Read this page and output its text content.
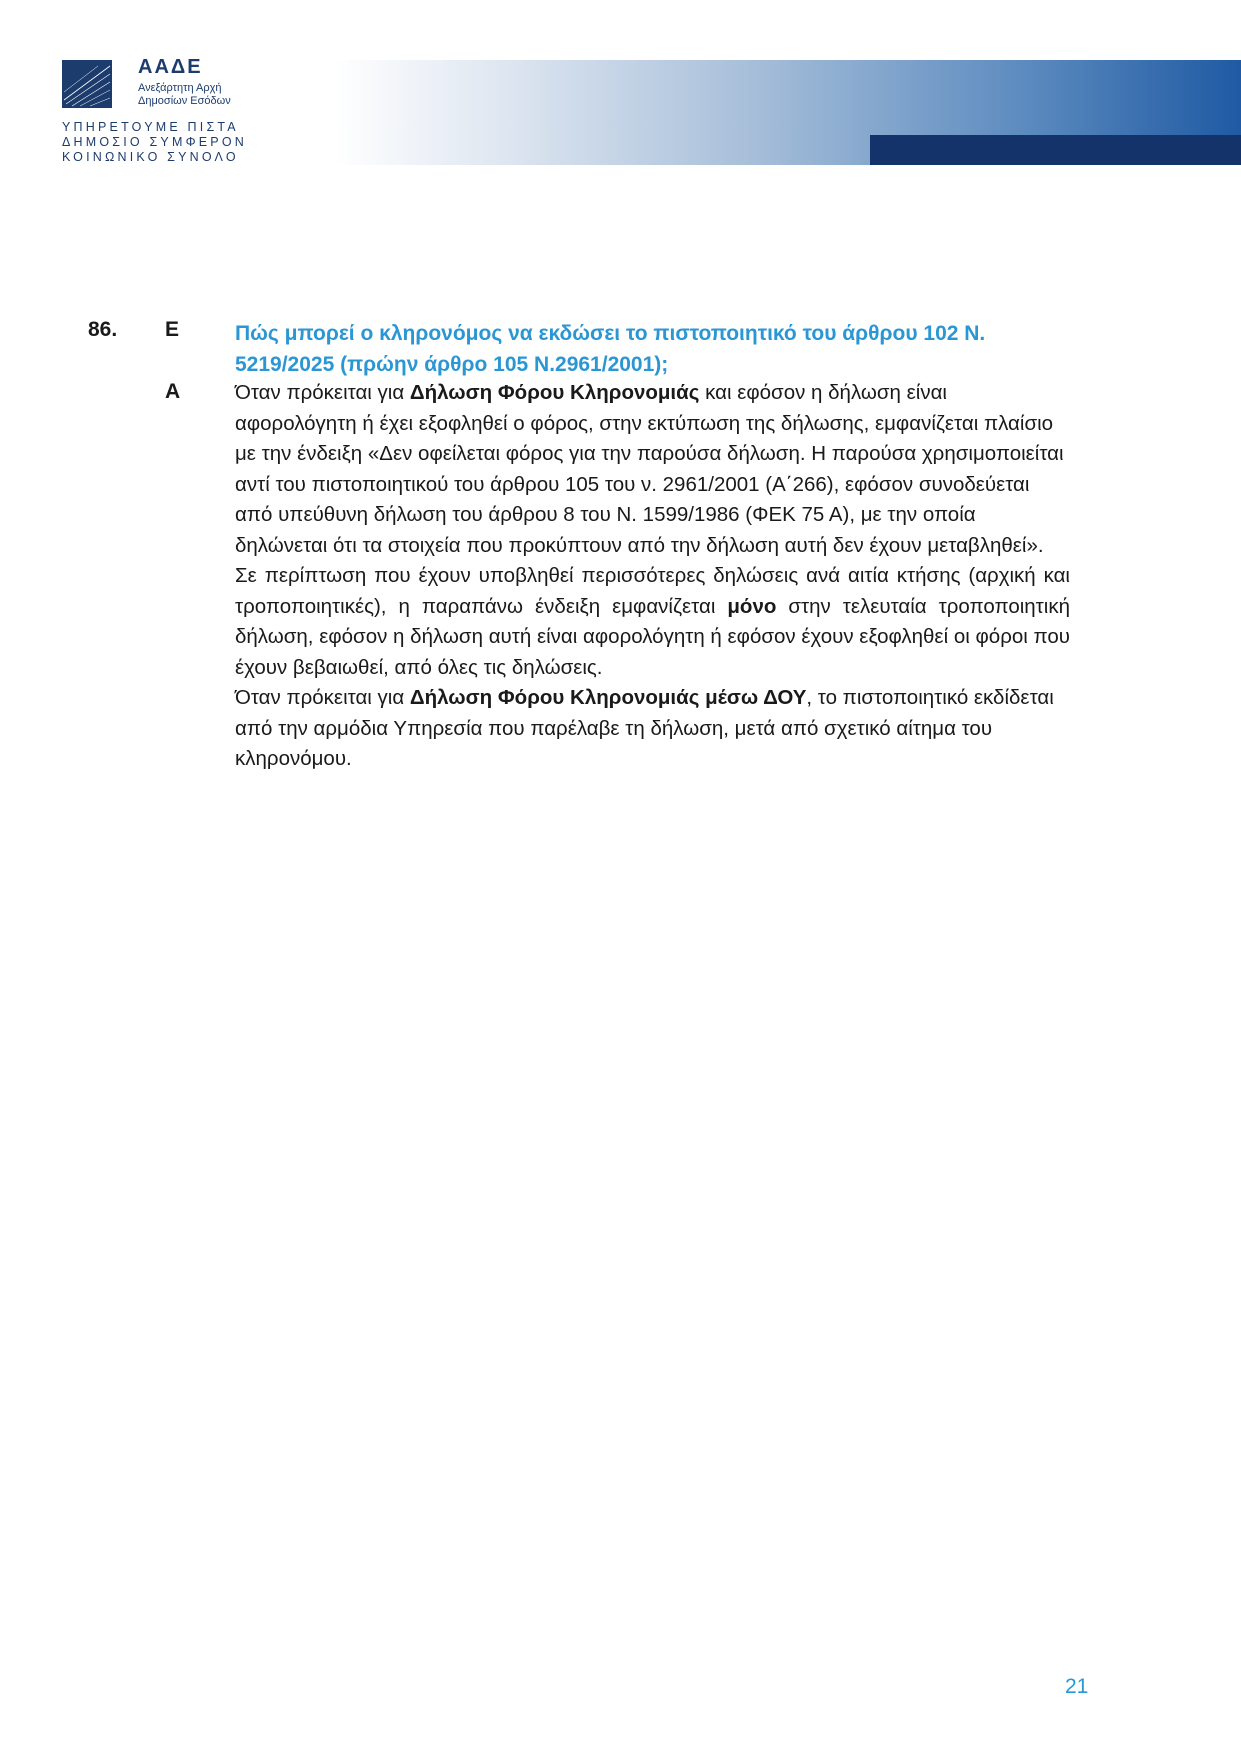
ΑΑΔΕ
Ανεξάρτητη Αρχή
Δημοσίων Εσόδων
ΥΠΗΡΕΤΟΥΜΕ ΠΙΣΤΑ
ΔΗΜΟΣΙΟ ΣΥΜΦΕΡΟΝ
ΚΟΙΝΩΝΙΚΟ ΣΥΝΟΛΟ
86. Ε
Α
Πώς μπορεί ο κληρονόμος να εκδώσει το πιστοποιητικό του άρθρου 102 Ν. 5219/2025 (πρώην άρθρο 105 Ν.2961/2001);

Όταν πρόκειται για Δήλωση Φόρου Κληρονομιάς και εφόσον η δήλωση είναι αφορολόγητη ή έχει εξοφληθεί ο φόρος, στην εκτύπωση της δήλωσης, εμφανίζεται πλαίσιο με την ένδειξη «Δεν οφείλεται φόρος για την παρούσα δήλωση. Η παρούσα χρησιμοποιείται αντί του πιστοποιητικού του άρθρου 105 του ν. 2961/2001 (Α΄266), εφόσον συνοδεύεται από υπεύθυνη δήλωση του άρθρου 8 του Ν. 1599/1986 (ΦΕΚ 75 Α), με την οποία δηλώνεται ότι τα στοιχεία που προκύπτουν από την δήλωση αυτή δεν έχουν μεταβληθεί».

Σε περίπτωση που έχουν υποβληθεί περισσότερες δηλώσεις ανά αιτία κτήσης (αρχική και τροποποιητικές), η παραπάνω ένδειξη εμφανίζεται μόνο στην τελευταία τροποποιητική δήλωση, εφόσον η δήλωση αυτή είναι αφορολόγητη ή εφόσον έχουν εξοφληθεί οι φόροι που έχουν βεβαιωθεί, από όλες τις δηλώσεις.

Όταν πρόκειται για Δήλωση Φόρου Κληρονομιάς μέσω ΔΟΥ, το πιστοποιητικό εκδίδεται από την αρμόδια Υπηρεσία που παρέλαβε τη δήλωση, μετά από σχετικό αίτημα του κληρονόμου.

21
